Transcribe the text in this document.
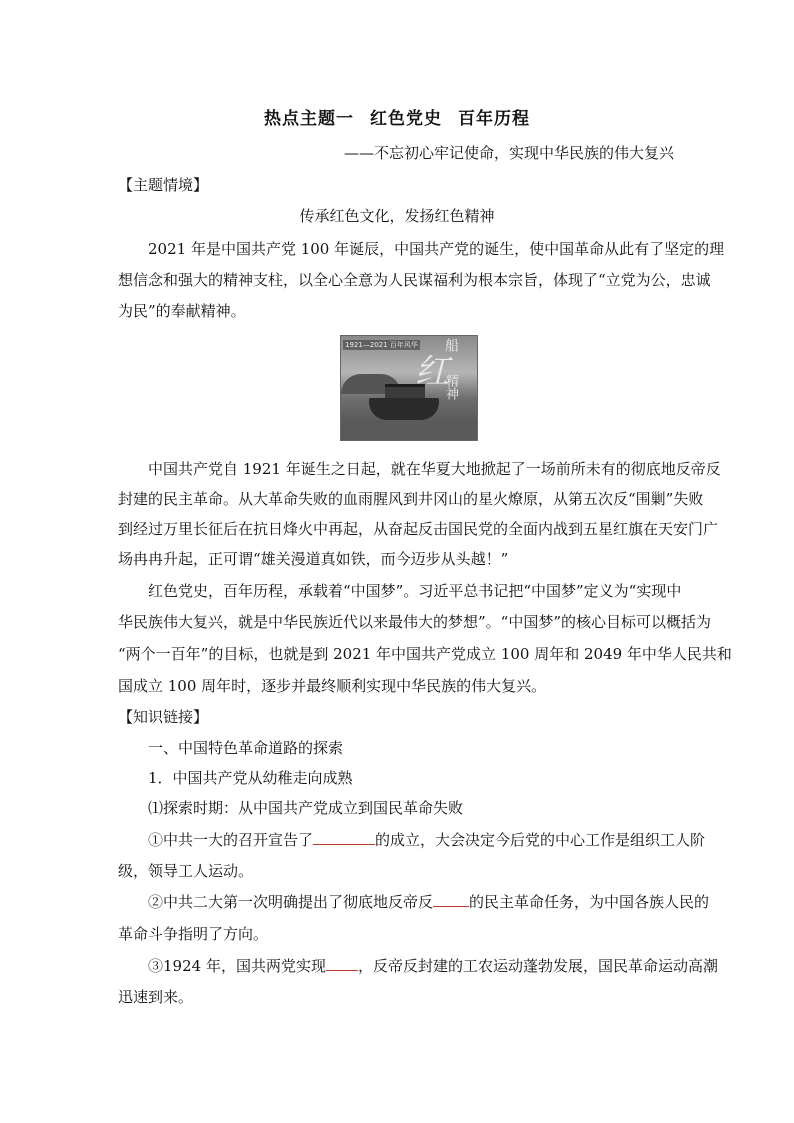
热点主题一 红色党史 百年历程
——不忘初心牢记使命，实现中华民族的伟大复兴
【主题情境】
传承红色文化，发扬红色精神
2021 年是中国共产党 100 年诞辰，中国共产党的诞生，使中国革命从此有了坚定的理
想信念和强大的精神支柱，以全心全意为人民谋福利为根本宗旨，体现了“立党为公，忠诚
为民”的奉献精神。
1921—2021 百年风华
红
船
精神
中国共产党自 1921 年诞生之日起，就在华夏大地掀起了一场前所未有的彻底地反帝反
封建的民主革命。从大革命失败的血雨腥风到井冈山的星火燎原，从第五次反“围剿”失败
到经过万里长征后在抗日烽火中再起，从奋起反击国民党的全面内战到五星红旗在天安门广
场冉冉升起，正可谓“雄关漫道真如铁，而今迈步从头越！”
红色党史，百年历程，承载着“中国梦”。习近平总书记把“中国梦”定义为“实现中
华民族伟大复兴，就是中华民族近代以来最伟大的梦想”。“中国梦”的核心目标可以概括为
“两个一百年”的目标，也就是到 2021 年中国共产党成立 100 周年和 2049 年中华人民共和
国成立 100 周年时，逐步并最终顺利实现中华民族的伟大复兴。
【知识链接】
一、中国特色革命道路的探索
1．中国共产党从幼稚走向成熟
⑴探索时期：从中国共产党成立到国民革命失败
①中共一大的召开宣告了	的成立，大会决定今后党的中心工作是组织工人阶
级，领导工人运动。
②中共二大第一次明确提出了彻底地反帝反 的民主革命任务，为中国各族人民的
革命斗争指明了方向。
③1924 年，国共两党实现 ，反帝反封建的工农运动蓬勃发展，国民革命运动高潮
迅速到来。
